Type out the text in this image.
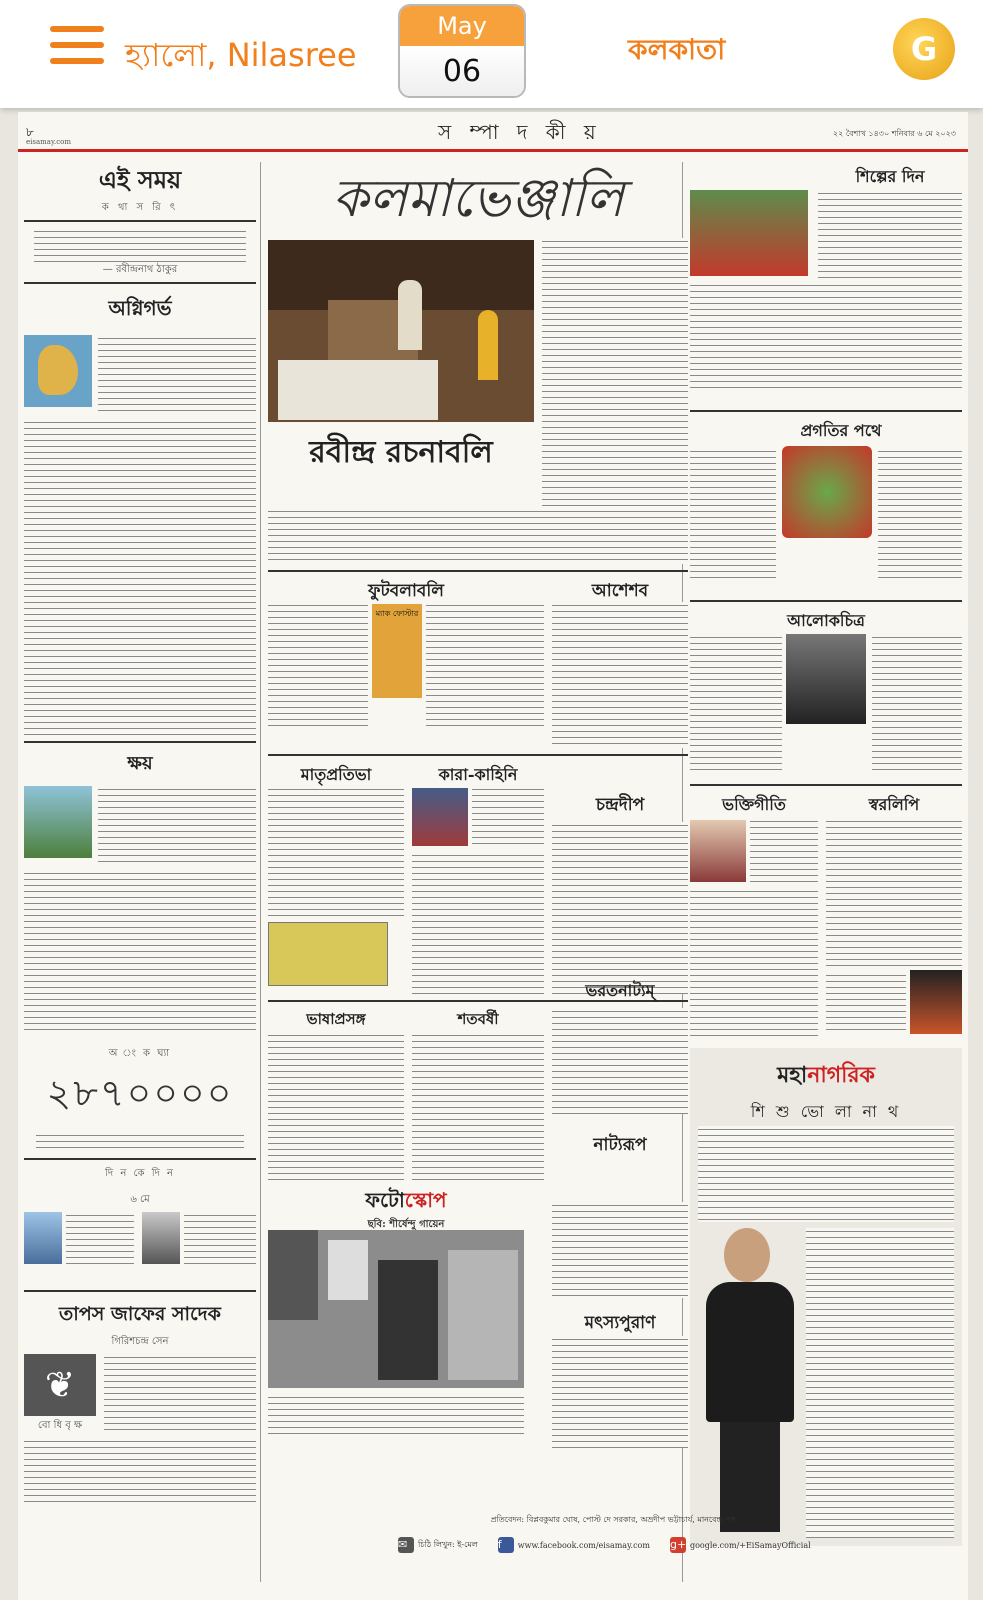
হ্যালো, Nilasree
May
06
কলকাতা	G
৮
eisamay.com	স ম্পা দ কী য়	২২ বৈশাখ ১৪৩০ শনিবার ৬ মে ২০২৩
এই সময়
ক থা স রি ৎ
— রবীন্দ্রনাথ ঠাকুর
অগ্নিগর্ভ
ক্ষয়
অ ং ক ঘ্যা
২৮৭০০০০
দি ন কে দি ন
৬ মে
তাপস জাফের সাদেক
গিরিশচন্দ্র সেন
❦
বো ধি বৃ ক্ষ
কলমাভেঞ্জালি
রবীন্দ্র রচনাবলি
ফুটবলাবলি
ম্যাক ফোস্টার
আশেশব
মাতৃপ্রতিভা	কারা-কাহিনি
চন্দ্রদীপ
ভাষাপ্রসঙ্গ	শতবর্ষী
ভরতনাট্যম্
নাট্যরূপ
ফটোস্কোপ
ছবি: শীর্ষেন্দু গায়েন
মৎস্যপুরাণ
শিল্পের দিন
প্রগতির পথে
আলোকচিত্র
ভক্তিগীতি	স্বরলিপি
মহানাগরিক
শি শু ভো লা না থ
প্রতিবেদন: বিপ্লবকুমার ঘোষ, পোস্ট দে সরকার, অভ্রদীপ ভট্টাচার্য, মানবেন্দ্র দত্ত
✉	চিঠি লিখুন: ই-মেল f	www.facebook.com/eisamay.com g+ google.com/+EiSamayOfficial
